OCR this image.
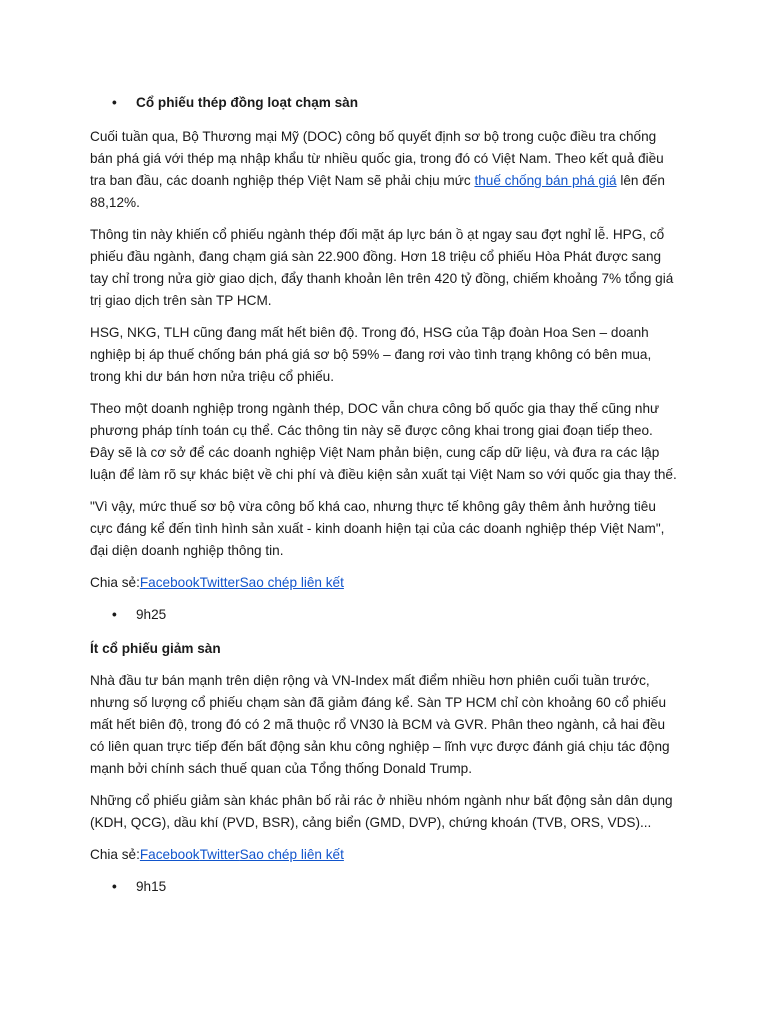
•	Cổ phiếu thép đồng loạt chạm sàn

Cuối tuần qua, Bộ Thương mại Mỹ (DOC) công bố quyết định sơ bộ trong cuộc điều tra chống bán phá giá với thép mạ nhập khẩu từ nhiều quốc gia, trong đó có Việt Nam. Theo kết quả điều tra ban đầu, các doanh nghiệp thép Việt Nam sẽ phải chịu mức thuế chống bán phá giá lên đến 88,12%.

Thông tin này khiến cổ phiếu ngành thép đối mặt áp lực bán ồ ạt ngay sau đợt nghỉ lễ. HPG, cổ phiếu đầu ngành, đang chạm giá sàn 22.900 đồng. Hơn 18 triệu cổ phiếu Hòa Phát được sang tay chỉ trong nửa giờ giao dịch, đẩy thanh khoản lên trên 420 tỷ đồng, chiếm khoảng 7% tổng giá trị giao dịch trên sàn TP HCM.

HSG, NKG, TLH cũng đang mất hết biên độ. Trong đó, HSG của Tập đoàn Hoa Sen – doanh nghiệp bị áp thuế chống bán phá giá sơ bộ 59% – đang rơi vào tình trạng không có bên mua, trong khi dư bán hơn nửa triệu cổ phiếu.

Theo một doanh nghiệp trong ngành thép, DOC vẫn chưa công bố quốc gia thay thế cũng như phương pháp tính toán cụ thể. Các thông tin này sẽ được công khai trong giai đoạn tiếp theo. Đây sẽ là cơ sở để các doanh nghiệp Việt Nam phản biện, cung cấp dữ liệu, và đưa ra các lập luận để làm rõ sự khác biệt về chi phí và điều kiện sản xuất tại Việt Nam so với quốc gia thay thế.

"Vì vậy, mức thuế sơ bộ vừa công bố khá cao, nhưng thực tế không gây thêm ảnh hưởng tiêu cực đáng kể đến tình hình sản xuất - kinh doanh hiện tại của các doanh nghiệp thép Việt Nam", đại diện doanh nghiệp thông tin.

Chia sẻ:FacebookTwitterSao chép liên kết
•	9h25
Ít cổ phiếu giảm sàn

Nhà đầu tư bán mạnh trên diện rộng và VN-Index mất điểm nhiều hơn phiên cuối tuần trước, nhưng số lượng cổ phiếu chạm sàn đã giảm đáng kể. Sàn TP HCM chỉ còn khoảng 60 cổ phiếu mất hết biên độ, trong đó có 2 mã thuộc rổ VN30 là BCM và GVR. Phân theo ngành, cả hai đều có liên quan trực tiếp đến bất động sản khu công nghiệp – lĩnh vực được đánh giá chịu tác động mạnh bởi chính sách thuế quan của Tổng thống Donald Trump.

Những cổ phiếu giảm sàn khác phân bố rải rác ở nhiều nhóm ngành như bất động sản dân dụng (KDH, QCG), dầu khí (PVD, BSR), cảng biển (GMD, DVP), chứng khoán (TVB, ORS, VDS)...

Chia sẻ:FacebookTwitterSao chép liên kết
•	9h15
